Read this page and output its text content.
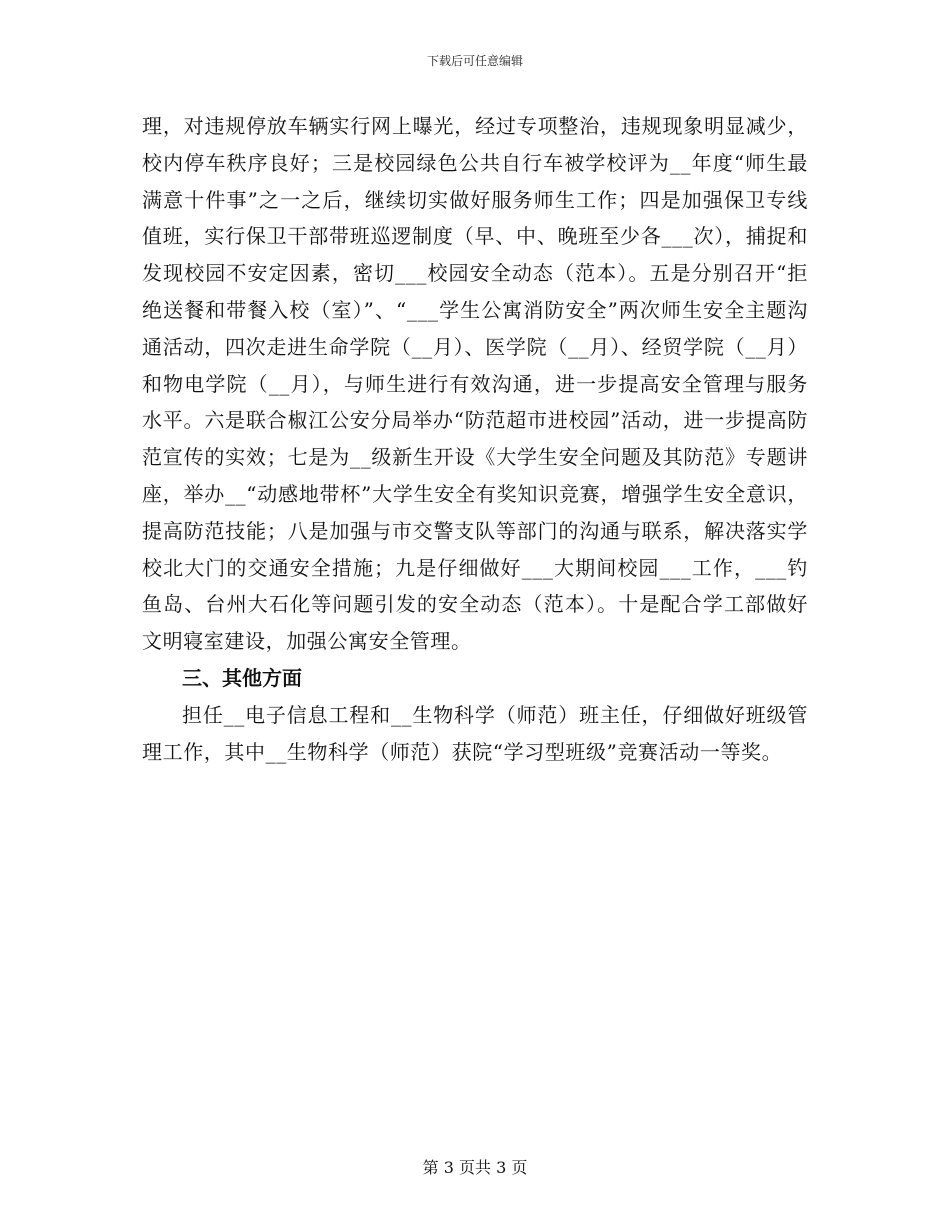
下载后可任意编辑

理，对违规停放车辆实行网上曝光，经过专项整治，违规现象明显减少，校内停车秩序良好；三是校园绿色公共自行车被学校评为__年度“师生最满意十件事”之一之后，继续切实做好服务师生工作；四是加强保卫专线值班，实行保卫干部带班巡逻制度（早、中、晚班至少各___次），捕捉和发现校园不安定因素，密切___校园安全动态（范本）。五是分别召开“拒绝送餐和带餐入校（室）”、“___学生公寓消防安全”两次师生安全主题沟通活动，四次走进生命学院（__月）、医学院（__月）、经贸学院（__月）和物电学院（__月），与师生进行有效沟通，进一步提高安全管理与服务水平。六是联合椒江公安分局举办“防范超市进校园”活动，进一步提高防范宣传的实效；七是为__级新生开设《大学生安全问题及其防范》专题讲座，举办__“动感地带杯”大学生安全有奖知识竞赛，增强学生安全意识，提高防范技能；八是加强与市交警支队等部门的沟通与联系，解决落实学校北大门的交通安全措施；九是仔细做好___大期间校园___工作，___钓鱼岛、台州大石化等问题引发的安全动态（范本）。十是配合学工部做好文明寝室建设，加强公寓安全管理。

三、其他方面

担任__电子信息工程和__生物科学（师范）班主任，仔细做好班级管理工作，其中__生物科学（师范）获院“学习型班级”竞赛活动一等奖。

第 3 页共 3 页
